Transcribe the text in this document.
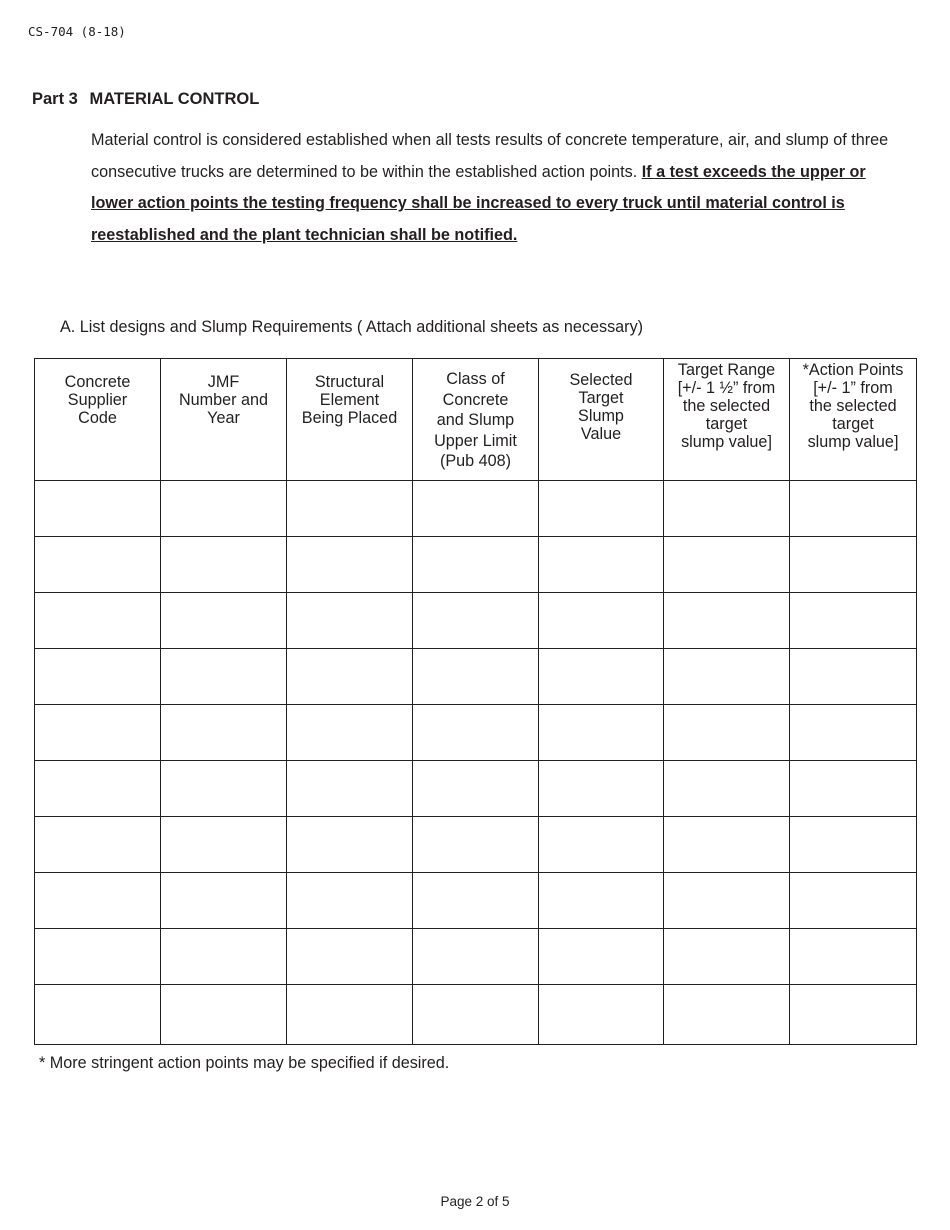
CS-704 (8-18)
Part 3 MATERIAL CONTROL
Material control is considered established when all tests results of concrete temperature, air, and slump of three consecutive trucks are determined to be within the established action points. If a test exceeds the upper or lower action points the testing frequency shall be increased to every truck until material control is reestablished and the plant technician shall be notified.
A. List designs and Slump Requirements ( Attach additional sheets as necessary)
Concrete
Supplier
Code	JMF
Number and
Year	Structural
Element
Being Placed	Class of
Concrete
and Slump
Upper Limit
(Pub 408)	Selected
Target
Slump
Value	Target Range
[+/- 1 ½” from
the selected
target
slump value]	*Action Points
[+/- 1” from
the selected
target
slump value]

* More stringent action points may be specified if desired.
Page 2 of 5
